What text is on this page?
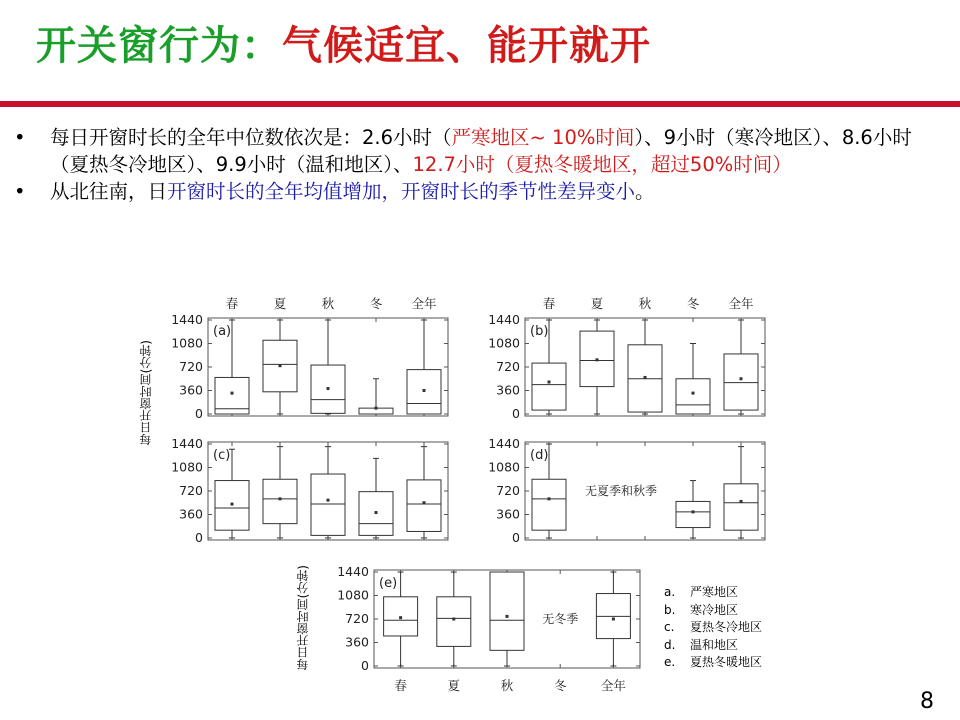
开关窗行为：气候适宜、能开就开
• 每日开窗时长的全年中位数依次是：2.6小时（严寒地区~ 10%时间）、9小时（寒冷地区）、8.6小时（夏热冬冷地区）、9.9小时（温和地区）、12.7小时（夏热冬暖地区，超过50%时间）
• 从北往南，日开窗时长的全年均值增加，开窗时长的季节性差异变小。
每日开窗时间(分钟)
每日开窗时间(分钟)
0
360
720
1080
1440
春	夏	秋	冬 全年
(a)
0
360
720
1080
1440
春	夏	秋	冬 全年
(b)
0
360
720
1080
1440
(c)
0
360
720
1080
1440
(d)
无夏季和秋季
0
360
720
1080
1440
春	夏	秋	冬	全年
(e)
无冬季
a. 严寒地区
b. 寒冷地区
c. 夏热冬冷地区
d. 温和地区
e. 夏热冬暖地区
8
